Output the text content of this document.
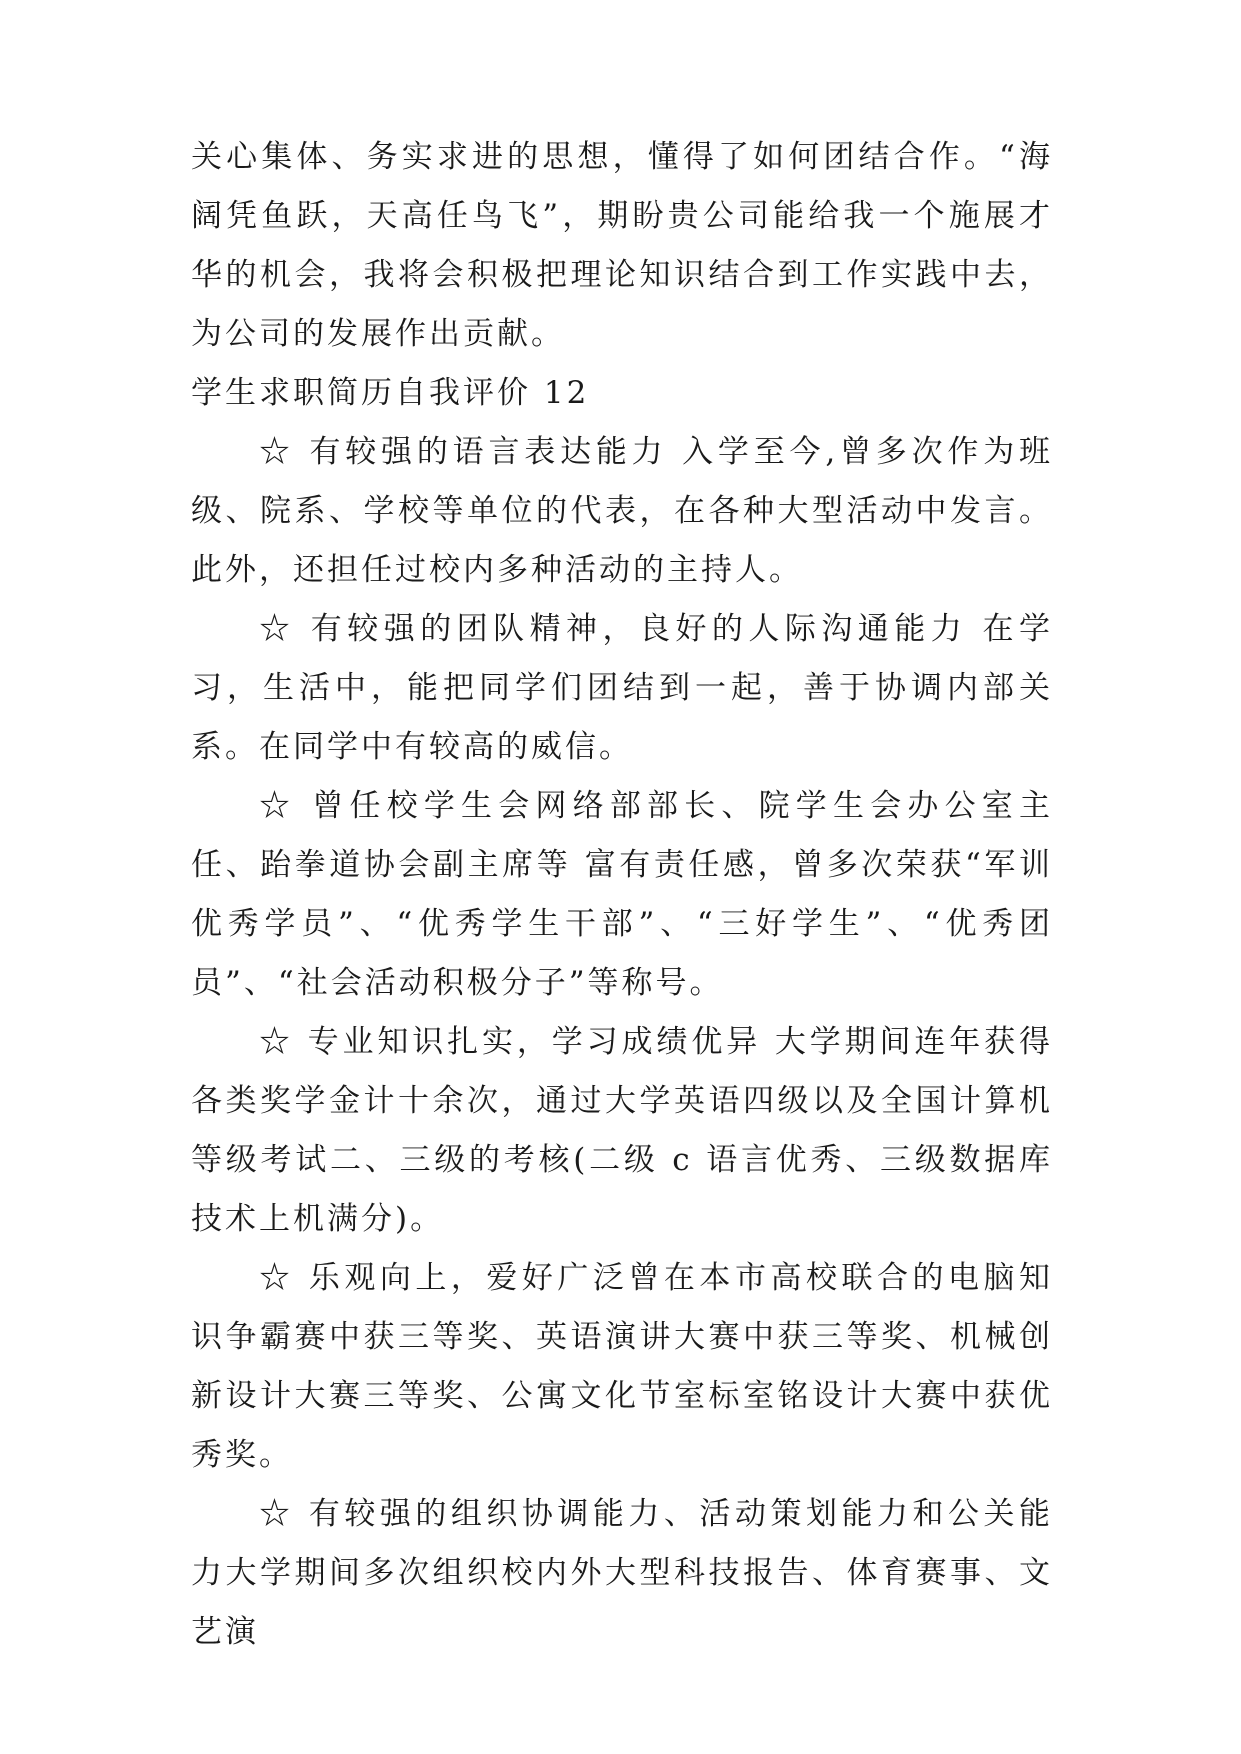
关心集体、务实求进的思想，懂得了如何团结合作。“海阔凭鱼跃，天高任鸟飞”，期盼贵公司能给我一个施展才华的机会，我将会积极把理论知识结合到工作实践中去，为公司的发展作出贡献。

学生求职简历自我评价 12

☆ 有较强的语言表达能力 入学至今,曾多次作为班级、院系、学校等单位的代表，在各种大型活动中发言。此外，还担任过校内多种活动的主持人。

☆ 有较强的团队精神，良好的人际沟通能力 在学习，生活中，能把同学们团结到一起，善于协调内部关系。在同学中有较高的威信。

☆ 曾任校学生会网络部部长、院学生会办公室主任、跆拳道协会副主席等 富有责任感，曾多次荣获“军训优秀学员”、“优秀学生干部”、“三好学生”、“优秀团员”、“社会活动积极分子”等称号。

☆ 专业知识扎实，学习成绩优异 大学期间连年获得各类奖学金计十余次，通过大学英语四级以及全国计算机等级考试二、三级的考核(二级 c 语言优秀、三级数据库技术上机满分)。

☆ 乐观向上，爱好广泛曾在本市高校联合的电脑知识争霸赛中获三等奖、英语演讲大赛中获三等奖、机械创新设计大赛三等奖、公寓文化节室标室铭设计大赛中获优秀奖。

☆ 有较强的组织协调能力、活动策划能力和公关能力大学期间多次组织校内外大型科技报告、体育赛事、文艺演
